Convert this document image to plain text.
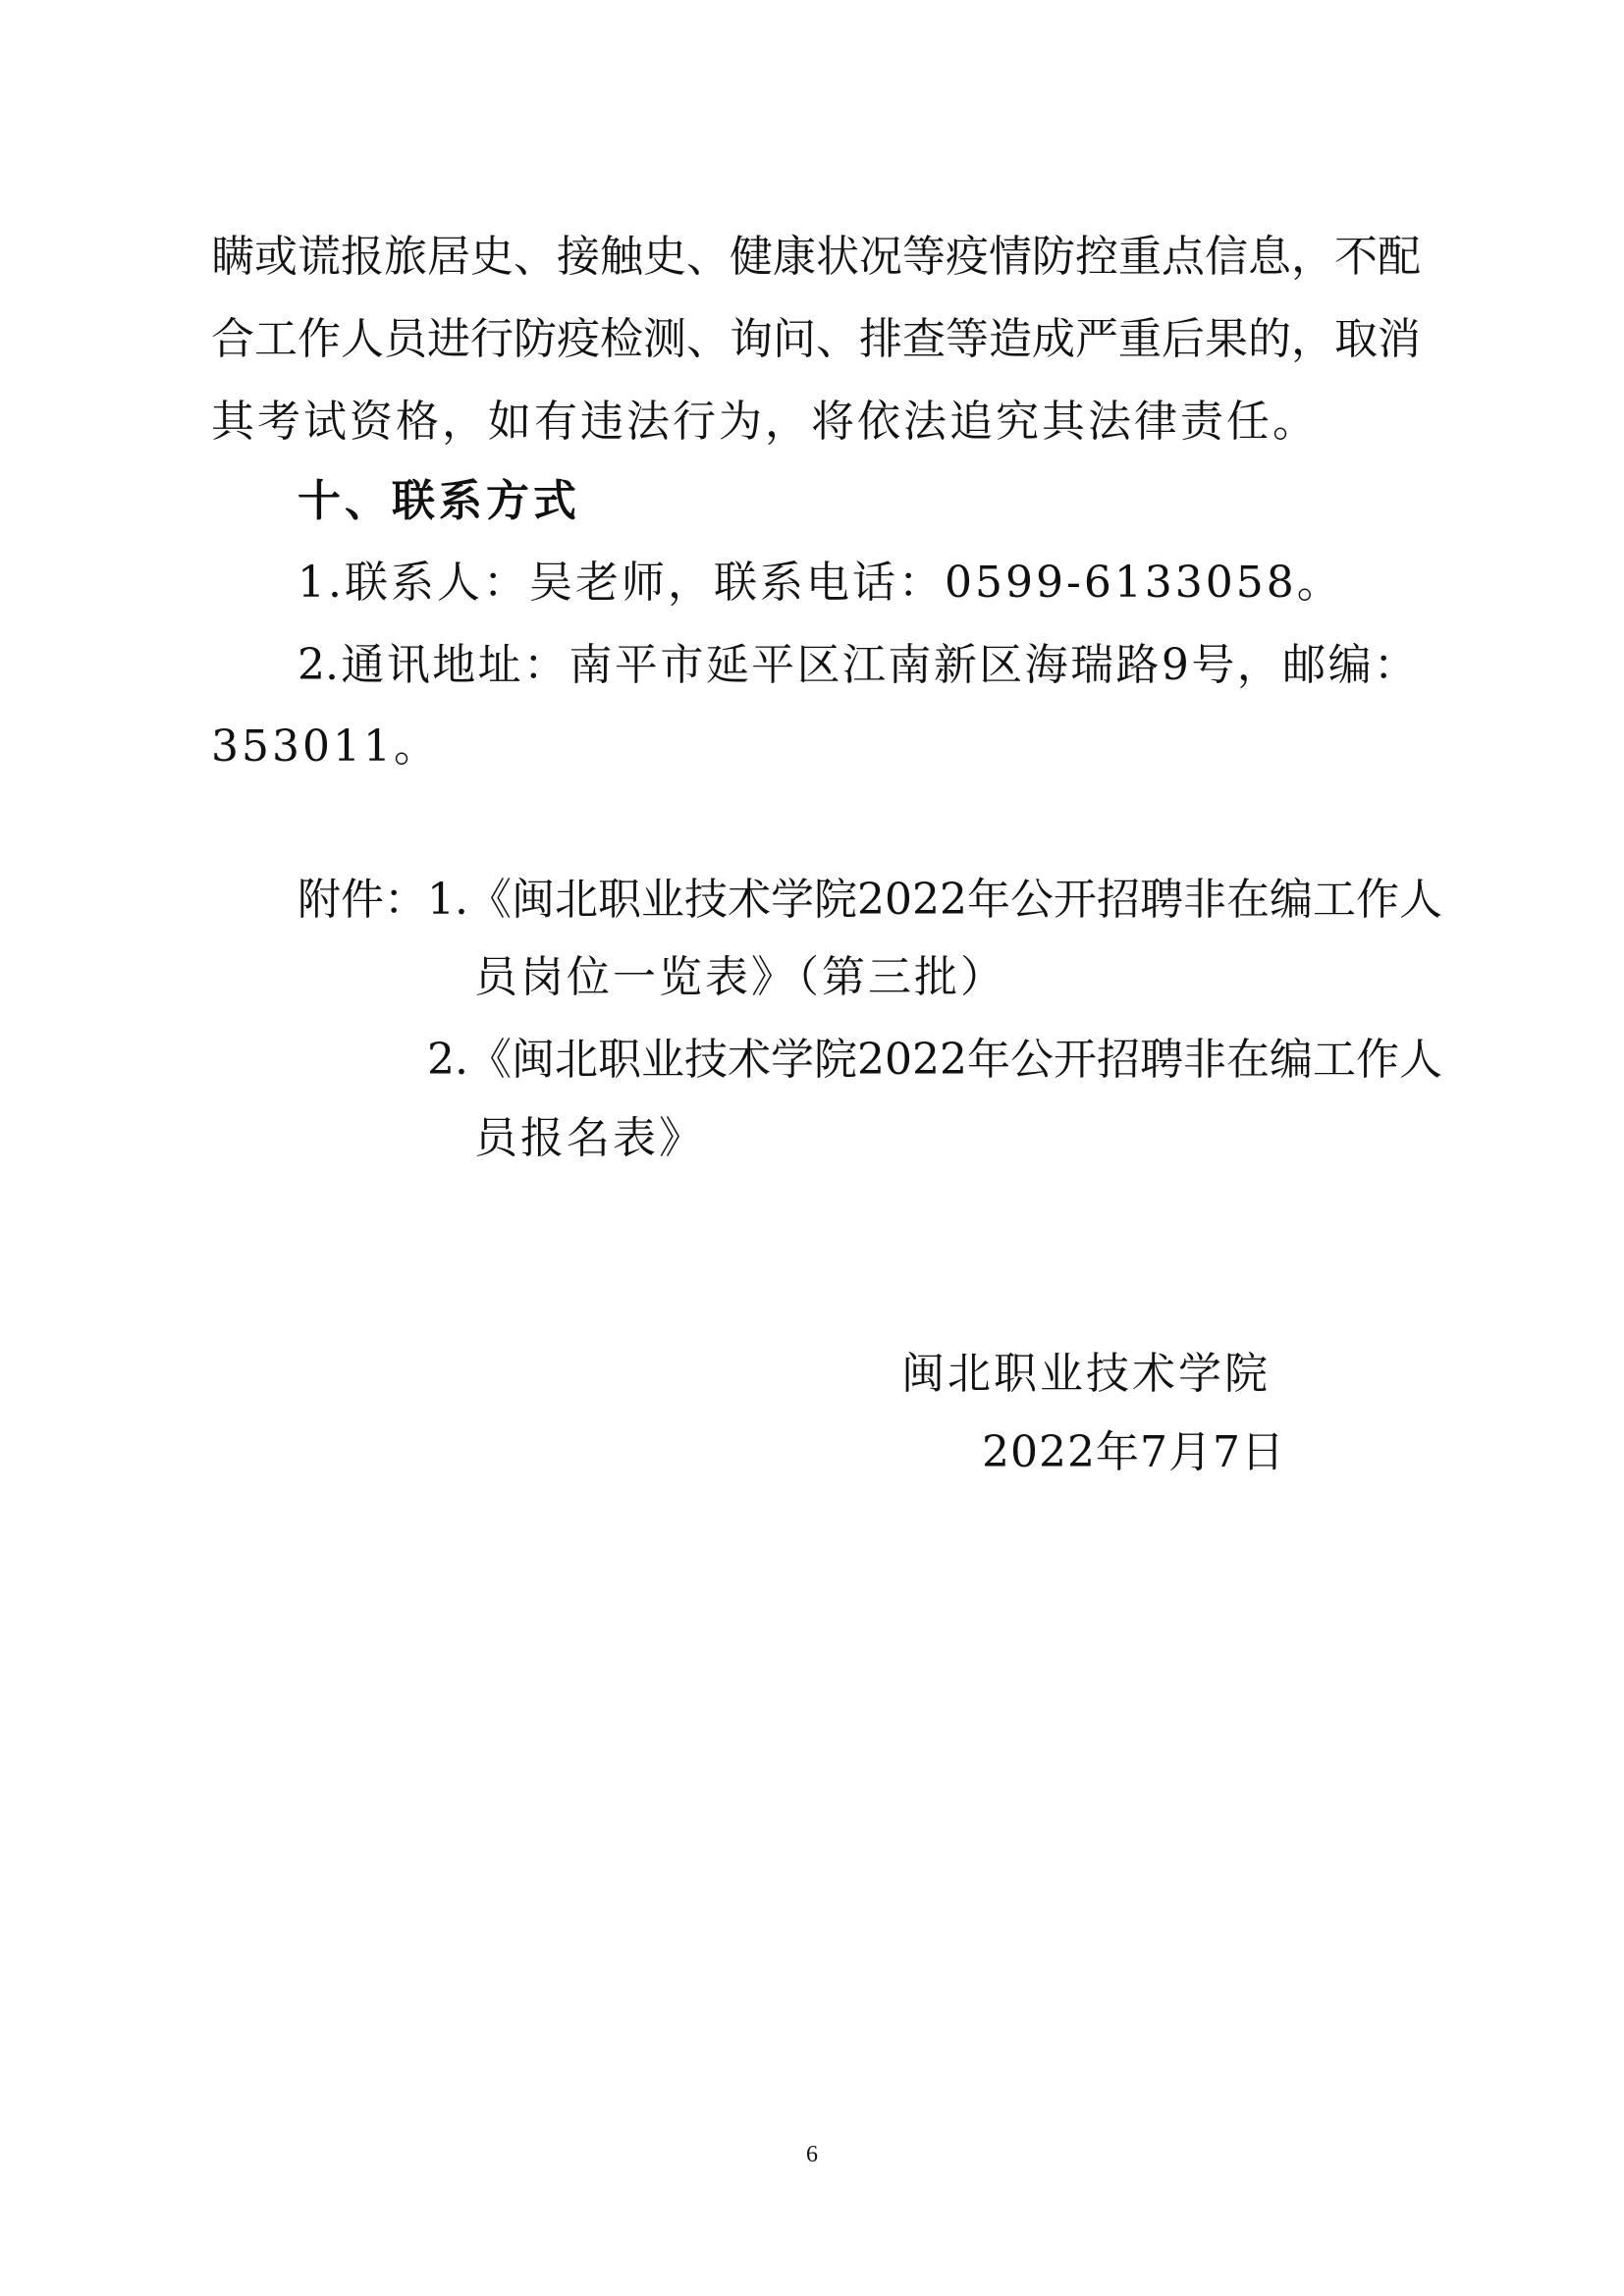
瞒或谎报旅居史、接触史、健康状况等疫情防控重点信息，不配
合工作人员进行防疫检测、询问、排查等造成严重后果的，取消
其考试资格，如有违法行为，将依法追究其法律责任。
十、联系方式
1.联系人：吴老师，联系电话：0599-6133058。
2.通讯地址：南平市延平区江南新区海瑞路9号，邮编：
353011。
附件：1.《闽北职业技术学院2022年公开招聘非在编工作人
员岗位一览表》（第三批）
2.《闽北职业技术学院2022年公开招聘非在编工作人
员报名表》
闽北职业技术学院
2022年7月7日
6
